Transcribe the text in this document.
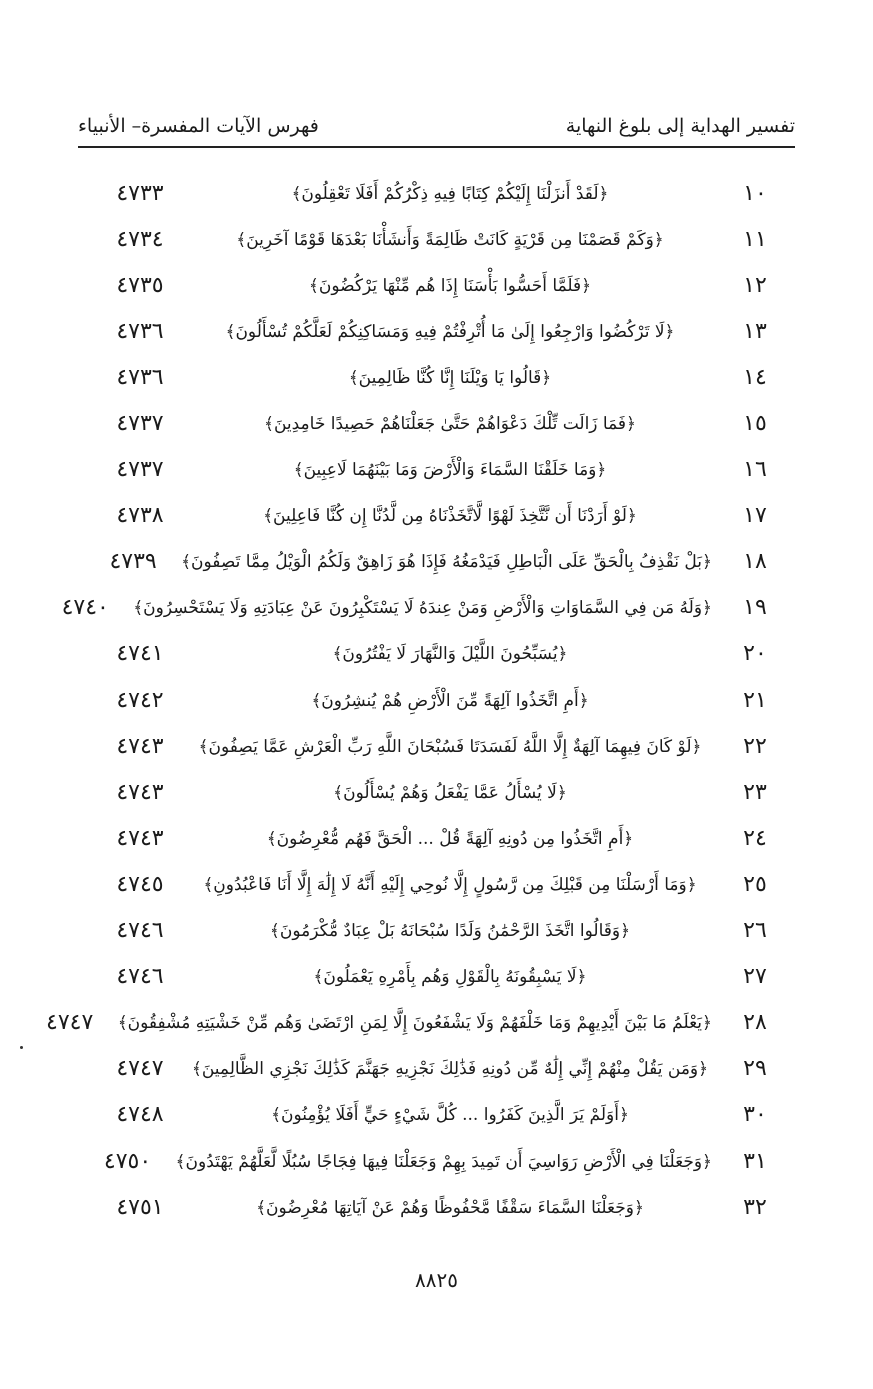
تفسير الهداية إلى بلوغ النهاية
فهرس الآيات المفسرة– الأنبياء
١٠
﴿لَقَدْ أَنزَلْنَا إِلَيْكُمْ كِتَابًا فِيهِ ذِكْرُكُمْ أَفَلَا تَعْقِلُونَ﴾
٤٧٣٣
١١
﴿وَكَمْ قَصَمْنَا مِن قَرْيَةٍ كَانَتْ ظَالِمَةً وَأَنشَأْنَا بَعْدَهَا قَوْمًا آخَرِينَ﴾
٤٧٣٤
١٢
﴿فَلَمَّا أَحَسُّوا بَأْسَنَا إِذَا هُم مِّنْهَا يَرْكُضُونَ﴾
٤٧٣٥
١٣
﴿لَا تَرْكُضُوا وَارْجِعُوا إِلَىٰ مَا أُتْرِفْتُمْ فِيهِ وَمَسَاكِنِكُمْ لَعَلَّكُمْ تُسْأَلُونَ﴾
٤٧٣٦
١٤
﴿قَالُوا يَا وَيْلَنَا إِنَّا كُنَّا ظَالِمِينَ﴾
٤٧٣٦
١٥
﴿فَمَا زَالَت تِّلْكَ دَعْوَاهُمْ حَتَّىٰ جَعَلْنَاهُمْ حَصِيدًا خَامِدِينَ﴾
٤٧٣٧
١٦
﴿وَمَا خَلَقْنَا السَّمَاءَ وَالْأَرْضَ وَمَا بَيْنَهُمَا لَاعِبِينَ﴾
٤٧٣٧
١٧
﴿لَوْ أَرَدْنَا أَن نَّتَّخِذَ لَهْوًا لَّاتَّخَذْنَاهُ مِن لَّدُنَّا إِن كُنَّا فَاعِلِينَ﴾
٤٧٣٨
١٨
﴿بَلْ نَقْذِفُ بِالْحَقِّ عَلَى الْبَاطِلِ فَيَدْمَغُهُ فَإِذَا هُوَ زَاهِقٌ وَلَكُمُ الْوَيْلُ مِمَّا تَصِفُونَ﴾
٤٧٣٩
١٩
﴿وَلَهُ مَن فِي السَّمَاوَاتِ وَالْأَرْضِ وَمَنْ عِندَهُ لَا يَسْتَكْبِرُونَ عَنْ عِبَادَتِهِ وَلَا يَسْتَحْسِرُونَ﴾
٤٧٤٠
٢٠
﴿يُسَبِّحُونَ اللَّيْلَ وَالنَّهَارَ لَا يَفْتُرُونَ﴾
٤٧٤١
٢١
﴿أَمِ اتَّخَذُوا آلِهَةً مِّنَ الْأَرْضِ هُمْ يُنشِرُونَ﴾
٤٧٤٢
٢٢
﴿لَوْ كَانَ فِيهِمَا آلِهَةٌ إِلَّا اللَّهُ لَفَسَدَتَا فَسُبْحَانَ اللَّهِ رَبِّ الْعَرْشِ عَمَّا يَصِفُونَ﴾
٤٧٤٣
٢٣
﴿لَا يُسْأَلُ عَمَّا يَفْعَلُ وَهُمْ يُسْأَلُونَ﴾
٤٧٤٣
٢٤
﴿أَمِ اتَّخَذُوا مِن دُونِهِ آلِهَةً قُلْ ... الْحَقَّ فَهُم مُّعْرِضُونَ﴾
٤٧٤٣
٢٥
﴿وَمَا أَرْسَلْنَا مِن قَبْلِكَ مِن رَّسُولٍ إِلَّا نُوحِي إِلَيْهِ أَنَّهُ لَا إِلَٰهَ إِلَّا أَنَا فَاعْبُدُونِ﴾
٤٧٤٥
٢٦
﴿وَقَالُوا اتَّخَذَ الرَّحْمَٰنُ وَلَدًا سُبْحَانَهُ بَلْ عِبَادٌ مُّكْرَمُونَ﴾
٤٧٤٦
٢٧
﴿لَا يَسْبِقُونَهُ بِالْقَوْلِ وَهُم بِأَمْرِهِ يَعْمَلُونَ﴾
٤٧٤٦
٢٨
﴿يَعْلَمُ مَا بَيْنَ أَيْدِيهِمْ وَمَا خَلْفَهُمْ وَلَا يَشْفَعُونَ إِلَّا لِمَنِ ارْتَضَىٰ وَهُم مِّنْ خَشْيَتِهِ مُشْفِقُونَ﴾
٤٧٤٧
٢٩
﴿وَمَن يَقُلْ مِنْهُمْ إِنِّي إِلَٰهٌ مِّن دُونِهِ فَذَٰلِكَ نَجْزِيهِ جَهَنَّمَ كَذَٰلِكَ نَجْزِي الظَّالِمِينَ﴾
٤٧٤٧
٣٠
﴿أَوَلَمْ يَرَ الَّذِينَ كَفَرُوا ... كُلَّ شَيْءٍ حَيٍّ أَفَلَا يُؤْمِنُونَ﴾
٤٧٤٨
٣١
﴿وَجَعَلْنَا فِي الْأَرْضِ رَوَاسِيَ أَن تَمِيدَ بِهِمْ وَجَعَلْنَا فِيهَا فِجَاجًا سُبُلًا لَّعَلَّهُمْ يَهْتَدُونَ﴾
٤٧٥٠
٣٢
﴿وَجَعَلْنَا السَّمَاءَ سَقْفًا مَّحْفُوظًا وَهُمْ عَنْ آيَاتِهَا مُعْرِضُونَ﴾
٤٧٥١
٨٨٢٥
